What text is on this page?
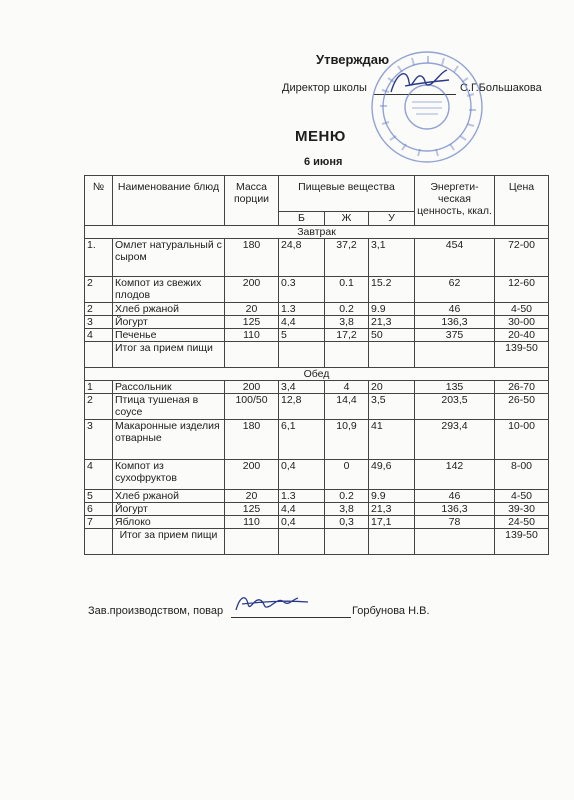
Утверждаю
Директор школы	С.Г.Большакова
МЕНЮ
6 июня
№	Наименование блюд	Масса порции	Пищевые вещества			Энергети-ческая ценность, ккал.	Цена
			Б	Ж	У		
Завтрак							
1.	Омлет натуральный с сыром	180	24,8	37,2	3,1	454	72-00
2	Компот из свежих плодов	200	0.3	0.1	15.2	62	12-60
2	Хлеб ржаной	20	1.3	0.2	9.9	46	4-50
3	Йогурт	125	4,4	3,8	21,3	136,3	30-00
4	Печенье	110	5	17,2	50	375	20-40
	Итог за прием пищи						139-50
Обед							
1	Рассольник	200	3,4	4	20	135	26-70
2	Птица тушеная в соусе	100/50	12,8	14,4	3,5	203,5	26-50
3	Макаронные изделия отварные	180	6,1	10,9	41	293,4	10-00
4	Компот из сухофруктов	200	0,4	0	49,6	142	8-00
5	Хлеб ржаной	20	1.3	0.2	9.9	46	4-50
6	Йогурт	125	4,4	3,8	21,3	136,3	39-30
7	Яблоко	110	0,4	0,3	17,1	78	24-50
	Итог за прием пищи						139-50
Зав.производством, повар	Горбунова Н.В.
